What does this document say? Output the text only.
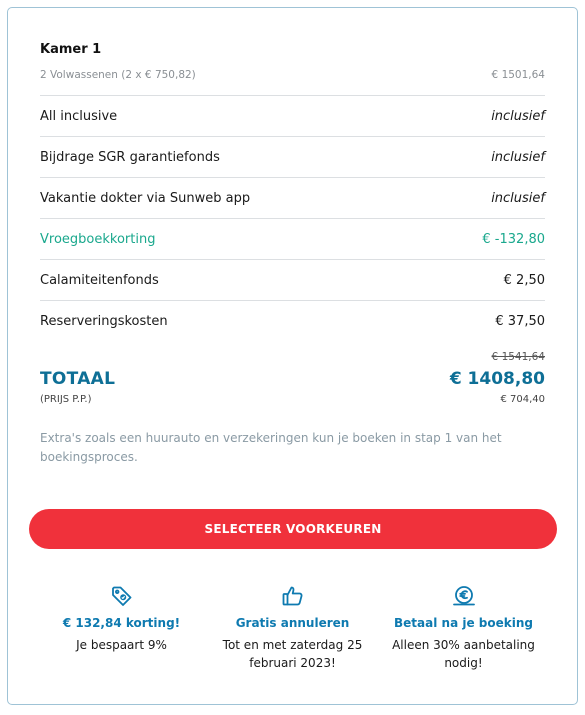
Kamer 1
2 Volwassenen (2 x € 750,82)	€ 1501,64
All inclusive	inclusief
Bijdrage SGR garantiefonds	inclusief
Vakantie dokter via Sunweb app	inclusief
Vroegboekkorting	€ -132,80
Calamiteitenfonds	€ 2,50
Reserveringskosten	€ 37,50
€ 1541,64
TOTAAL	€ 1408,80
(PRIJS P.P.)	€ 704,40
Extra's zoals een huurauto en verzekeringen kun je boeken in stap 1 van het boekingsproces.
SELECTEER VOORKEUREN
€ 132,84 korting!
Je bespaart 9%
Gratis annuleren
Tot en met zaterdag 25 februari 2023!
Betaal na je boeking
Alleen 30% aanbetaling nodig!
